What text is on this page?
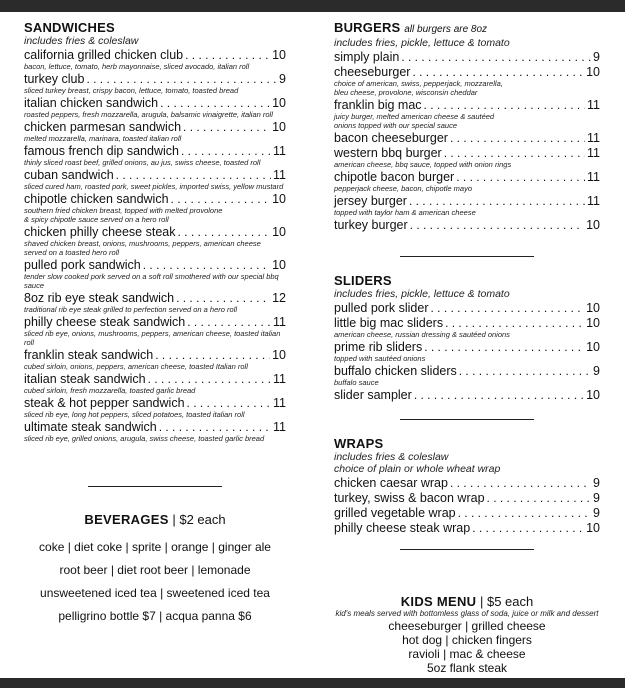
SANDWICHES
includes fries & coleslaw
california grilled chicken club . . .	10
bacon, lettuce, tomato, herb mayonnaise, sliced avocado, italian roll
turkey club . . .	9
sliced turkey breast, crispy bacon, lettuce, tomato, toasted bread
italian chicken sandwich . . .	10
roasted peppers, fresh mozzarella, arugula, balsamic vinaigrette, italian roll
chicken parmesan sandwich . . .	10
melted mozzarella, marinara, toasted italian roll
famous french dip sandwich . . .	11
thinly sliced roast beef, grilled onions, au jus, swiss cheese, toasted roll
cuban sandwich . . .	11
sliced cured ham, roasted pork, sweet pickles, imported swiss, yellow mustard
chipotle chicken sandwich . . .	10
southern fried chicken breast, topped with melted provolone
& spicy chipotle sauce served on a hero roll
chicken philly cheese steak . . .	10
shaved chicken breast, onions, mushrooms, peppers, american cheese
served on a toasted hero roll
pulled pork sandwich . . .	10
tender slow cooked pork served on a soft roll smothered with our special bbq sauce
8oz rib eye steak sandwich . . .	12
traditional rib eye steak grilled to perfection served on a hero roll
philly cheese steak sandwich . . .	11
sliced rib eye, onions, mushrooms, peppers, american cheese, toasted italian roll
franklin steak sandwich . . .	10
cubed sirloin, onions, peppers, american cheese, toasted Italian roll
italian steak sandwich . . .	11
cubed sirloin, fresh mozzarella, toasted garlic bread
steak & hot pepper sandwich . . .	11
sliced rib eye, long hot peppers, sliced potatoes, toasted italian roll
ultimate steak sandwich . . .	11
sliced rib eye, grilled onions, arugula, swiss cheese, toasted garlic bread
BEVERAGES | $2 each
coke | diet coke | sprite | orange | ginger ale
root beer | diet root beer | lemonade
unsweetened iced tea | sweetened iced tea
pelligrino bottle $7 | acqua panna $6
BURGERS all burgers are 8oz
includes fries, pickle, lettuce & tomato
simply plain . . .	9
cheeseburger . . .	10
choice of american, swiss, pepperjack, mozzarella,
bleu cheese, provolone, wisconsin cheddar
franklin big mac . . .	11
juicy burger, melted american cheese & sautéed
onions topped with our special sauce
bacon cheeseburger . . .	11
western bbq burger . . .	11
american cheese, bbq sauce, topped with onion rings
chipotle bacon burger . . .	11
pepperjack cheese, bacon, chipotle mayo
jersey burger . . .	11
topped with taylor ham & american cheese
turkey burger . . .	10
SLIDERS
includes fries, pickle, lettuce & tomato
pulled pork slider . . .	10
little big mac sliders . . .	10
american cheese, russian dressing & sautéed onions
prime rib sliders . . .	10
topped with sautéed onions
buffalo chicken sliders . . .	9
buffalo sauce
slider sampler . . .	10
WRAPS
includes fries & coleslaw
choice of plain or whole wheat wrap
chicken caesar wrap . . .	9
turkey, swiss & bacon wrap . . .	9
grilled vegetable wrap . . .	9
philly cheese steak wrap . . .	10
KIDS MENU | $5 each
kid's meals served with bottomless glass of soda, juice or milk and dessert
cheeseburger | grilled cheese
hot dog | chicken fingers
ravioli | mac & cheese
5oz flank steak
